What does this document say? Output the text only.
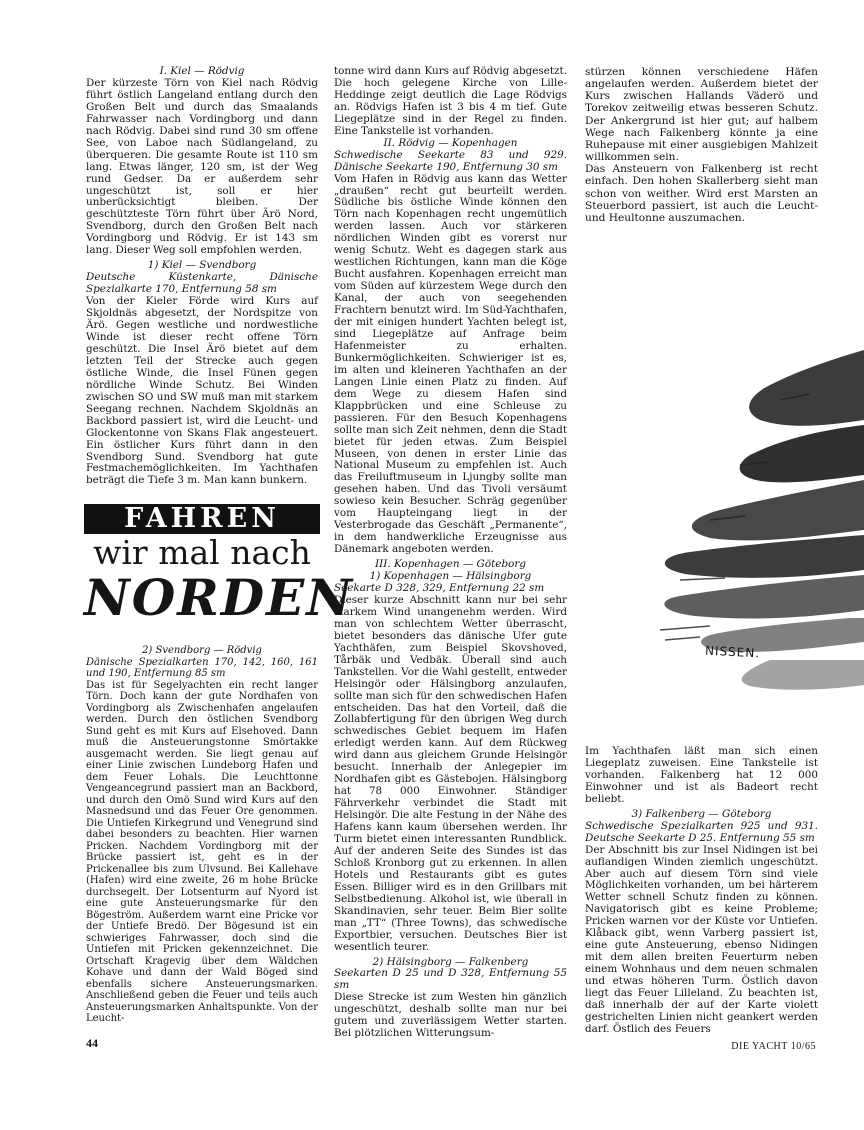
I. Kiel — Rödvig

Der kürzeste Törn von Kiel nach Rödvig führt östlich Langeland entlang durch den Großen Belt und durch das Smaalands Fahrwasser nach Vordingborg und dann nach Rödvig. Dabei sind rund 30 sm offene See, von Laboe nach Südlangeland, zu überqueren. Die gesamte Route ist 110 sm lang. Etwas länger, 120 sm, ist der Weg rund Gedser. Da er außerdem sehr ungeschützt ist, soll er hier unberücksichtigt bleiben. Der geschützteste Törn führt über Ärö Nord, Svendborg, durch den Großen Belt nach Vordingborg und Rödvig. Er ist 143 sm lang. Dieser Weg soll empfohlen werden.

1) Kiel — Svendborg

Deutsche Küstenkarte, Dänische Spezialkarte 170, Entfernung 58 sm

Von der Kieler Förde wird Kurs auf Skjoldnäs abgesetzt, der Nordspitze von Ärö. Gegen westliche und nordwestliche Winde ist dieser recht offene Törn geschützt. Die Insel Ärö bietet auf dem letzten Teil der Strecke auch gegen östliche Winde, die Insel Fünen gegen nördliche Winde Schutz. Bei Winden zwischen SO und SW muß man mit starkem Seegang rechnen. Nachdem Skjoldnäs an Backbord passiert ist, wird die Leucht- und Glockentonne von Skans Flak angesteuert. Ein östlicher Kurs führt dann in den Svendborg Sund. Svendborg hat gute Festmachemöglichkeiten. Im Yachthafen beträgt die Tiefe 3 m. Man kann bunkern.

FAHREN
wir mal nach
NORDEN

2) Svendborg — Rödvig

Dänische Spezialkarten 170, 142, 160, 161 und 190, Entfernung 85 sm

Das ist für Segelyachten ein recht langer Törn. Doch kann der gute Nordhafen von Vordingborg als Zwischenhafen angelaufen werden. Durch den östlichen Svendborg Sund geht es mit Kurs auf Elsehoved. Dann muß die Ansteuerungstonne Smörtakke ausgemacht werden. Sie liegt genau auf einer Linie zwischen Lundeborg Hafen und dem Feuer Lohals. Die Leuchttonne Vengeancegrund passiert man an Backbord, und durch den Omö Sund wird Kurs auf den Masnedsund und das Feuer Ore genommen. Die Untiefen Kirkegrund und Venegrund sind dabei besonders zu beachten. Hier warnen Pricken. Nachdem Vordingborg mit der Brücke passiert ist, geht es in der Prickenallee bis zum Ulvsund. Bei Kallehave (Hafen) wird eine zweite, 26 m hohe Brücke durchsegelt. Der Lotsenturm auf Nyord ist eine gute Ansteuerungsmarke für den Bögeström. Außerdem warnt eine Pricke vor der Untiefe Bredö. Der Bögesund ist ein schwieriges Fahrwasser, doch sind die Untiefen mit Pricken gekennzeichnet. Die Ortschaft Kragevig über dem Wäldchen Kohave und dann der Wald Böged sind ebenfalls sichere Ansteuerungsmarken. Anschließend geben die Feuer und teils auch Ansteuerungsmarken Anhaltspunkte. Von der Leucht-

tonne wird dann Kurs auf Rödvig abgesetzt. Die hoch gelegene Kirche von Lille-Heddinge zeigt deutlich die Lage Rödvigs an. Rödvigs Hafen ist 3 bis 4 m tief. Gute Liegeplätze sind in der Regel zu finden. Eine Tankstelle ist vorhanden.

II. Rödvig — Kopenhagen

Schwedische Seekarte 83 und 929. Dänische Seekarte 190, Entfernung 30 sm

Vom Hafen in Rödvig aus kann das Wetter „draußen“ recht gut beurteilt werden. Südliche bis östliche Winde können den Törn nach Kopenhagen recht ungemütlich werden lassen. Auch vor stärkeren nördlichen Winden gibt es vorerst nur wenig Schutz. Weht es dagegen stark aus westlichen Richtungen, kann man die Köge Bucht ausfahren. Kopenhagen erreicht man vom Süden auf kürzestem Wege durch den Kanal, der auch von seegehenden Frachtern benutzt wird. Im Süd-Yachthafen, der mit einigen hundert Yachten belegt ist, sind Liegeplätze auf Anfrage beim Hafenmeister zu erhalten. Bunkermöglichkeiten. Schwieriger ist es, im alten und kleineren Yachthafen an der Langen Linie einen Platz zu finden. Auf dem Wege zu diesem Hafen sind Klappbrücken und eine Schleuse zu passieren. Für den Besuch Kopenhagens sollte man sich Zeit nehmen, denn die Stadt bietet für jeden etwas. Zum Beispiel Museen, von denen in erster Linie das National Museum zu empfehlen ist. Auch das Freiluftmuseum in Ljungby sollte man gesehen haben. Und das Tivoli versäumt sowieso kein Besucher. Schräg gegenüber vom Haupteingang liegt in der Vesterbrogade das Geschäft „Permanente“, in dem handwerkliche Erzeugnisse aus Dänemark angeboten werden.

III. Kopenhagen — Göteborg

1) Kopenhagen — Hälsingborg

Seekarte D 328, 329, Entfernung 22 sm

Dieser kurze Abschnitt kann nur bei sehr starkem Wind unangenehm werden. Wird man von schlechtem Wetter überrascht, bietet besonders das dänische Ufer gute Yachthäfen, zum Beispiel Skovshoved, Tårbäk und Vedbäk. Überall sind auch Tankstellen. Vor die Wahl gestellt, entweder Helsingör oder Hälsingborg anzulaufen, sollte man sich für den schwedischen Hafen entscheiden. Das hat den Vorteil, daß die Zollabfertigung für den übrigen Weg durch schwedisches Gebiet bequem im Hafen erledigt werden kann. Auf dem Rückweg wird dann aus gleichem Grunde Helsingör besucht. Innerhalb der Anlegepier im Nordhafen gibt es Gästebojen. Hälsingborg hat 78 000 Einwohner. Ständiger Fährverkehr verbindet die Stadt mit Helsingör. Die alte Festung in der Nähe des Hafens kann kaum übersehen werden. Ihr Turm bietet einen interessanten Rundblick. Auf der anderen Seite des Sundes ist das Schloß Kronborg gut zu erkennen. In allen Hotels und Restaurants gibt es gutes Essen. Billiger wird es in den Grillbars mit Selbstbedienung. Alkohol ist, wie überall in Skandinavien, sehr teuer. Beim Bier sollte man „TT“ (Three Towns), das schwedische Exportbier, versuchen. Deutsches Bier ist wesentlich teurer.

2) Hälsingborg — Falkenberg

Seekarten D 25 und D 328, Entfernung 55 sm

Diese Strecke ist zum Westen hin gänzlich ungeschützt, deshalb sollte man nur bei gutem und zuverlässigem Wetter starten. Bei plötzlichen Witterungsum-

stürzen können verschiedene Häfen angelaufen werden. Außerdem bietet der Kurs zwischen Hallands Väderö und Torekov zeitweilig etwas besseren Schutz. Der Ankergrund ist hier gut; auf halbem Wege nach Falkenberg könnte ja eine Ruhepause mit einer ausgiebigen Mahlzeit willkommen sein.

Das Ansteuern von Falkenberg ist recht einfach. Den hohen Skallerberg sieht man schon von weither. Wird erst Marsten an Steuerbord passiert, ist auch die Leucht- und Heultonne auszumachen.

NISSEN.

Im Yachthafen läßt man sich einen Liegeplatz zuweisen. Eine Tankstelle ist vorhanden. Falkenberg hat 12 000 Einwohner und ist als Badeort recht beliebt.

3) Falkenberg — Göteborg

Schwedische Spezialkarten 925 und 931. Deutsche Seekarte D 25. Entfernung 55 sm

Der Abschnitt bis zur Insel Nidingen ist bei auflandigen Winden ziemlich ungeschützt. Aber auch auf diesem Törn sind viele Möglichkeiten vorhanden, um bei härterem Wetter schnell Schutz finden zu können. Navigatorisch gibt es keine Probleme; Pricken warnen vor der Küste vor Untiefen. Klåback gibt, wenn Varberg passiert ist, eine gute Ansteuerung, ebenso Nidingen mit dem allen breiten Feuerturm neben einem Wohnhaus und dem neuen schmalen und etwas höheren Turm. Östlich davon liegt das Feuer Lilleland. Zu beachten ist, daß innerhalb der auf der Karte violett gestrichelten Linien nicht geankert werden darf. Östlich des Feuers

44	DIE YACHT 10/65
